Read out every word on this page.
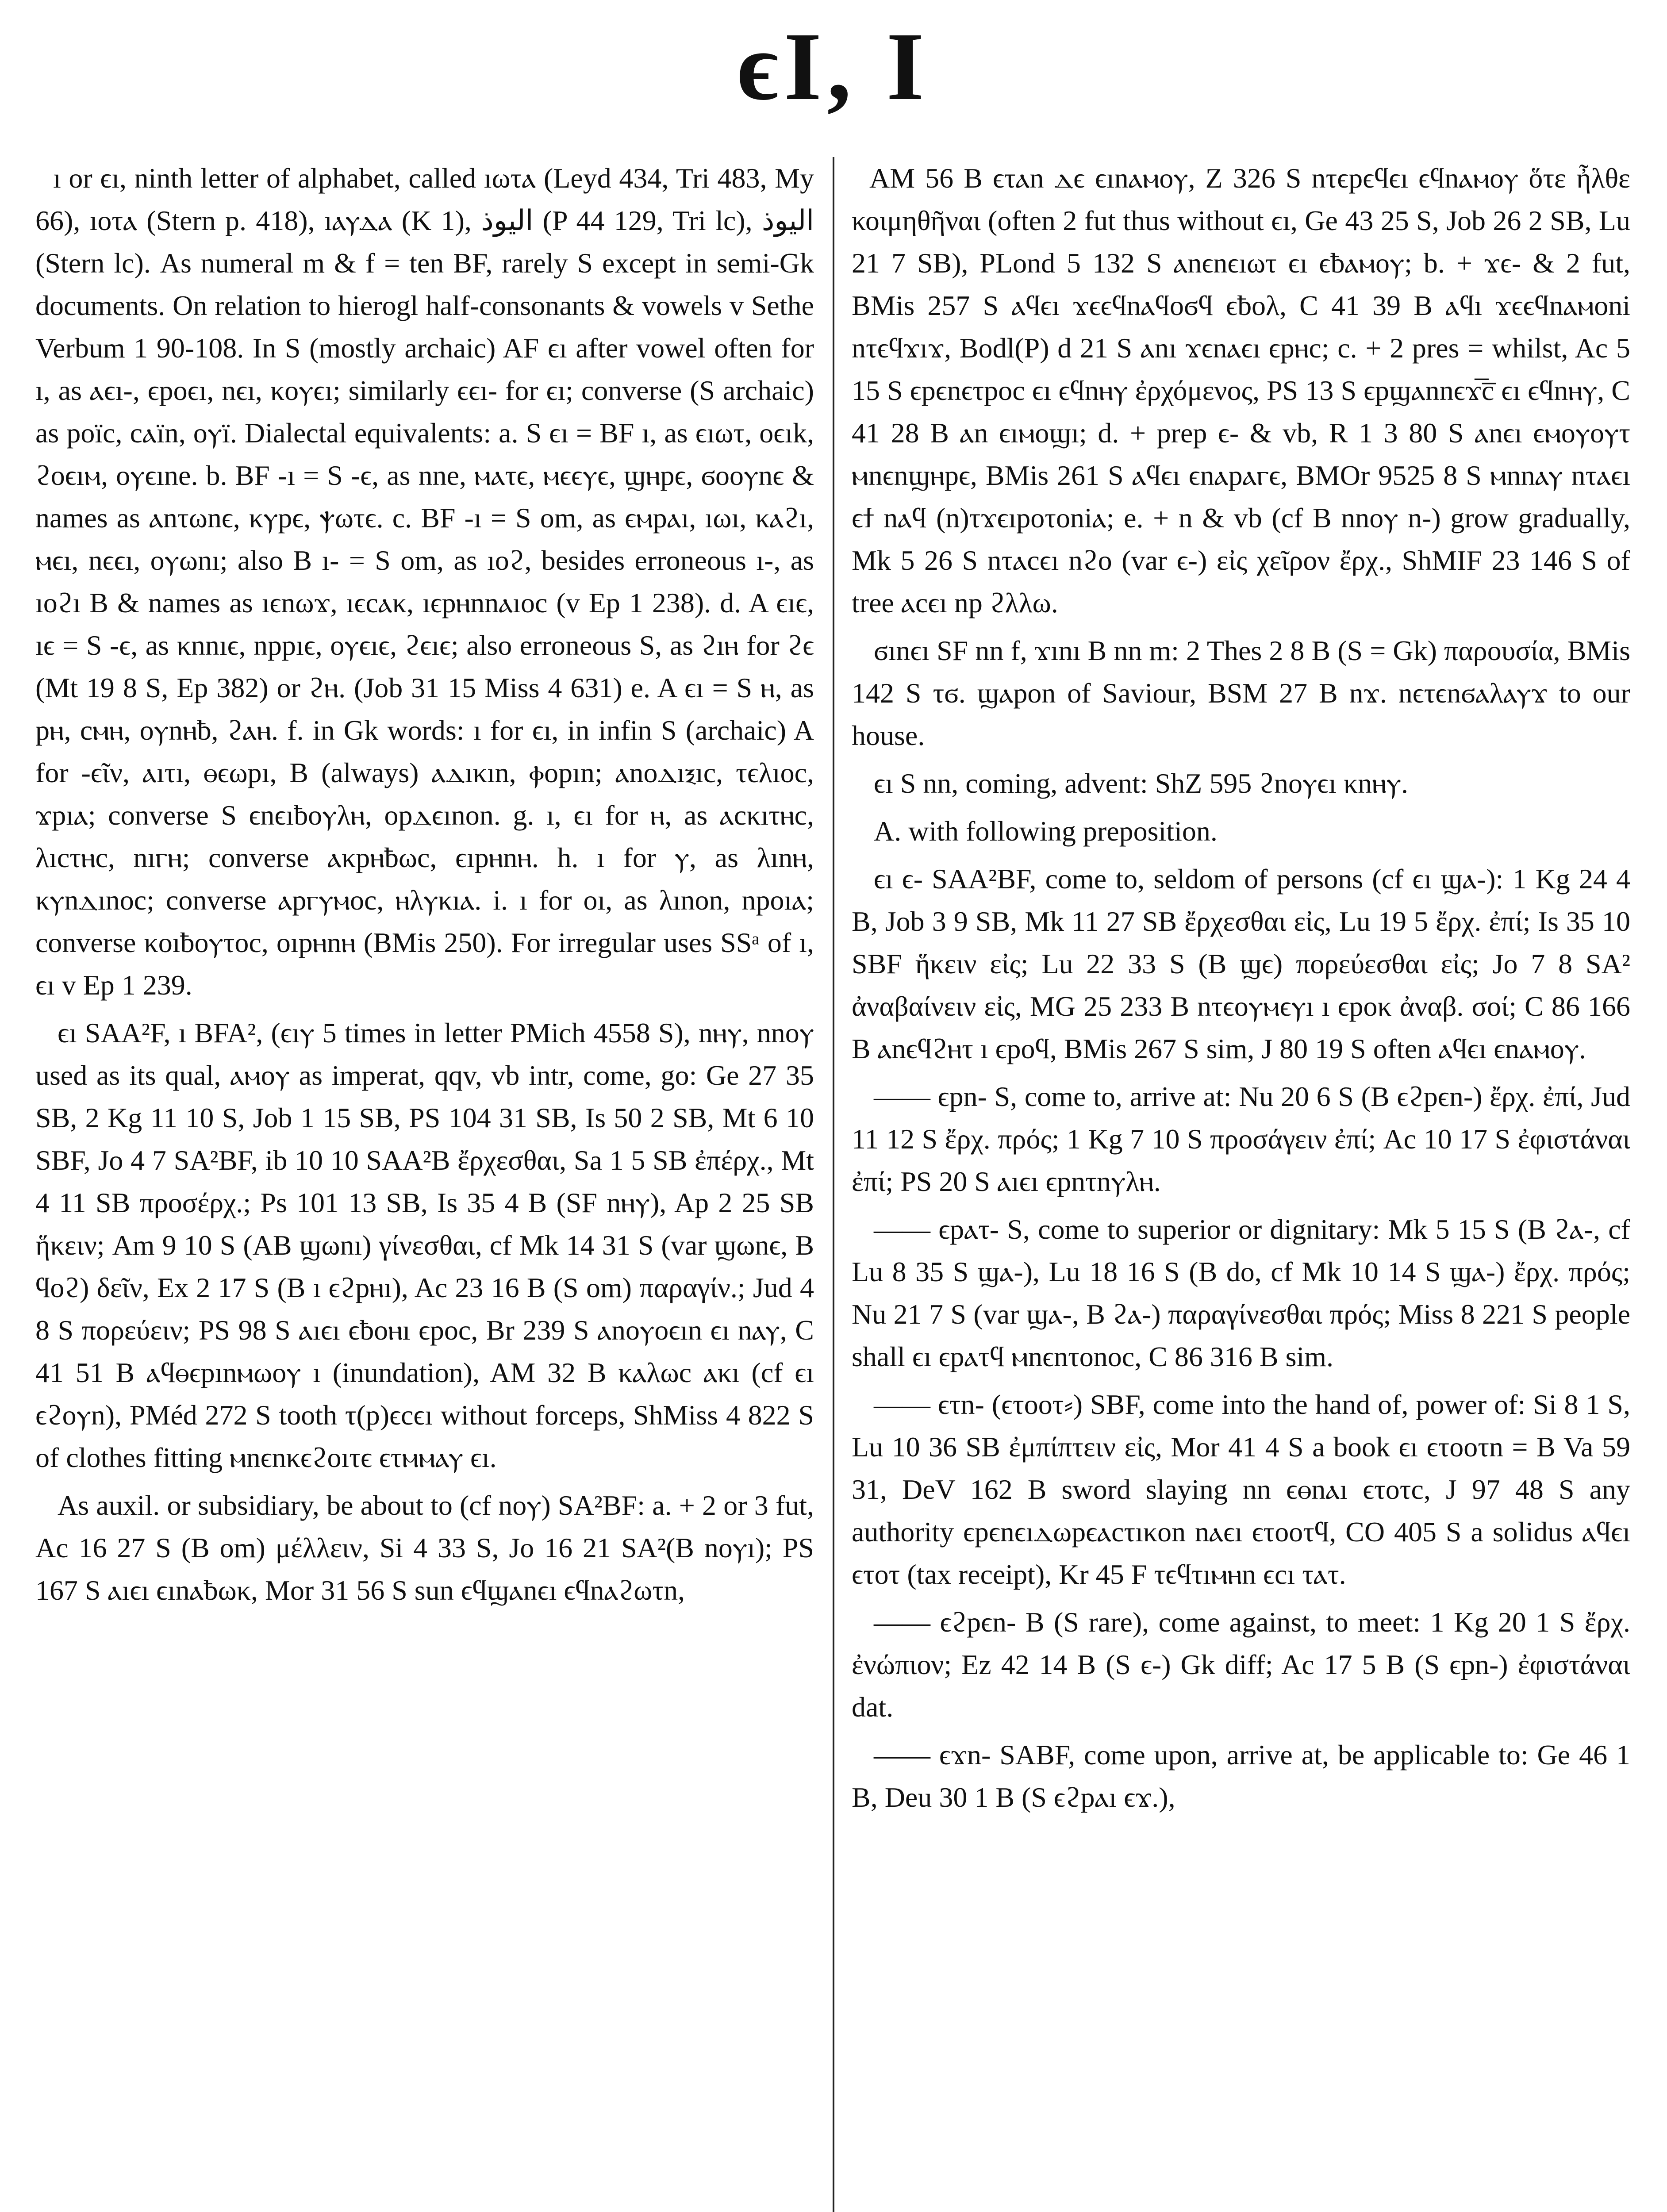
ϵI, I

ı or ϵı, ninth letter of alphabet, called ıωτⲁ (Leyd 434, Tri 483, My 66), ıoτⲁ (Stern p. 418), ıⲁⲩⲇⲁ (K 1), ﺍﻟﻴﻮﺫ (P 44 129, Tri lc), ﺍﻟﻴﻮﺫ (Stern lc). As numeral m & f = ten BF, rarely S except in semi-Gk documents. On relation to hierogl half-consonants & vowels v Sethe Verbum 1 90-108. In S (mostly archaic) AF ϵı after vowel often for ı, as ⲁϵı-, ϵpoϵı, nϵı, κoⲩϵı; similarly ϵϵı- for ϵı; converse (S archaic) as poïc, cⲁïn, oⲩï. Dialectal equivalents: a. S ϵı = BF ı, as ϵıωτ, oϵık, ϩoϵıⲙ, oⲩϵıne. b. BF -ı = S -ϵ, as nne, ⲙⲁτϵ, ⲙϵϵⲩϵ, ϣⲏpϵ, ϭooⲩnϵ & names as ⲁnτωnϵ, κⲩpϵ, ⲯωτϵ. c. BF -ı = S om, as ϵⲙpⲁı, ıωı, κⲁϩı, ⲙϵı, nϵϵı, oⲩωnı; also B ı- = S om, as ıoϩ, besides erroneous ı-, as ıoϩı B & names as ıϵnωϫ, ıϵcⲁκ, ıϵpⲏnnⲁıoc (v Ep 1 238). d. A ϵıϵ, ıϵ = S -ϵ, as κnnıϵ, nppıϵ, oⲩϵıϵ, ϩϵıϵ; also erroneous S, as ϩıⲏ for ϩϵ (Mt 19 8 S, Ep 382) or ϩⲏ. (Job 31 15 Miss 4 631) e. A ϵı = S ⲏ, as pⲏ, cⲙⲏ, oⲩnⲏƀ, ϩⲁⲏ. f. in Gk words: ı for ϵı, in infin S (archaic) A for -ϵῖν, ⲁıτı, ⲑϵωpı, B (always) ⲁⲇıκın, ⲫopın; ⲁnoⲇıⲝıc, τϵλıoc, ϫpıⲁ; converse S ϵnϵıƀoⲩλⲏ, opⲇϵınon. g. ı, ϵı for ⲏ, as ⲁcκıτⲏc, λıcτⲏc, nıⲅⲏ; converse ⲁκpⲏƀωc, ϵıpⲏnⲏ. h. ı for ⲩ, as λınⲏ, κⲩnⲇınoc; converse ⲁpⲅⲩⲙoc, ⲏλⲩκıⲁ. i. ı for oı, as λınon, npoıⲁ; converse κoıƀoⲩτoc, oıpⲏnⲏ (BMis 250). For irregular uses SSᵃ of ı, ϵı v Ep 1 239.

ϵı SAA²F, ı BFA², (ϵıⲩ 5 times in letter PMich 4558 S), nⲏⲩ, nnoⲩ used as its qual, ⲁⲙoⲩ as imperat, qqv, vb intr, come, go: Ge 27 35 SB, 2 Kg 11 10 S, Job 1 15 SB, PS 104 31 SB, Is 50 2 SB, Mt 6 10 SBF, Jo 4 7 SA²BF, ib 10 10 SAA²B ἔρχεσθαι, Sa 1 5 SB ἐπέρχ., Mt 4 11 SB προσέρχ.; Ps 101 13 SB, Is 35 4 B (SF nⲏⲩ), Ap 2 25 SB ἥκειν; Am 9 10 S (AB ϣωnı) γίνεσθαι, cf Mk 14 31 S (var ϣωnϵ, B ϥoϩ) δεῖν, Ex 2 17 S (B ı ϵϩpⲏı), Ac 23 16 B (S om) παραγίν.; Jud 4 8 S πορεύειν; PS 98 S ⲁıϵı ϵƀoⲏı ϵpoc, Br 239 S ⲁnoⲩoϵın ϵı nⲁⲩ, C 41 51 B ⲁϥⲑϵpınⲙωoⲩ ı (inundation), AM 32 B κⲁλωc ⲁκı (cf ϵı ϵϩoⲩn), PMéd 272 S tooth τ(p)ϵcϵı without forceps, ShMiss 4 822 S of clothes fitting ⲙnϵnκϵϩoıτϵ ϵτⲙⲙⲁⲩ ϵı.

As auxil. or subsidiary, be about to (cf noⲩ) SA²BF: a. + 2 or 3 fut, Ac 16 27 S (B om) μέλλειν, Si 4 33 S, Jo 16 21 SA²(B noⲩı); PS 167 S ⲁıϵı ϵınⲁƀωκ, Mor 31 56 S sun ϵϥϣⲁnϵı ϵϥnⲁϩωτn,

AM 56 B ϵτⲁn ⲇϵ ϵınⲁⲙoⲩ, Z 326 S nτϵpϵϥϵı ϵϥnⲁⲙoⲩ ὅτε ἦλθε κοιμηθῆναι (often 2 fut thus without ϵı, Ge 43 25 S, Job 26 2 SB, Lu 21 7 SB), PLond 5 132 S ⲁnϵnϵıωτ ϵı ϵƀⲁⲙoⲩ; b. + ϫϵ- & 2 fut, BMis 257 S ⲁϥϵı ϫϵϵϥnⲁϥoϭϥ ϵƀoλ, C 41 39 B ⲁϥı ϫϵϵϥnⲁⲙoni nτϵϥϫıϫ, Bodl(P) d 21 S ⲁnı ϫϵnⲁϵı ϵpⲏc; c. + 2 pres = whilst, Ac 5 15 S ϵpϵnϵτpoc ϵı ϵϥnⲏⲩ ἐρχόμενος, PS 13 S ϵpϣⲁnnϵϫ̅c̅ ϵı ϵϥnⲏⲩ, C 41 28 B ⲁn ϵıⲙoϣı; d. + prep ϵ- & vb, R 1 3 80 S ⲁnϵı ϵⲙoⲩoⲩτ ⲙnϵnϣⲏpϵ, BMis 261 S ⲁϥϵı ϵnⲁpⲁⲅϵ, BMOr 9525 8 S ⲙnnⲁⲩ nτⲁϵı ϵϯ nⲁϥ (n)τϫϵıpoτoniⲁ; e. + n & vb (cf B nnoⲩ n-) grow gradually, Mk 5 26 S nτⲁcϵı nϩo (var ϵ-) εἰς χεῖρον ἔρχ., ShMIF 23 146 S of tree ⲁcϵı np ϩλλω.

ϭınϵı SF nn f, ϫını B nn m: 2 Thes 2 8 B (S = Gk) παρουσία, BMis 142 S τϭ. ϣⲁpon of Saviour, BSM 27 B nϫ. nϵτϵnϭⲁλⲁⲩϫ to our house.

ϵı S nn, coming, advent: ShZ 595 ϩnoⲩϵı κnⲏⲩ.

A. with following preposition.

ϵı ϵ- SAA²BF, come to, seldom of persons (cf ϵı ϣⲁ-): 1 Kg 24 4 B, Job 3 9 SB, Mk 11 27 SB ἔρχεσθαι εἰς, Lu 19 5 ἔρχ. ἐπί; Is 35 10 SBF ἥκειν εἰς; Lu 22 33 S (B ϣϵ) πορεύεσθαι εἰς; Jo 7 8 SA² ἀναβαίνειν εἰς, MG 25 233 B nτϵoⲩⲙϵⲩı ı ϵpoκ ἀναβ. σοί; C 86 166 B ⲁnϵϥϩⲏτ ı ϵpoϥ, BMis 267 S sim, J 80 19 S often ⲁϥϵı ϵnⲁⲙoⲩ.

—— ϵpn- S, come to, arrive at: Nu 20 6 S (B ϵϩpϵn-) ἔρχ. ἐπί, Jud 11 12 S ἔρχ. πρός; 1 Kg 7 10 S προσάγειν ἐπί; Ac 10 17 S ἐφιστάναι ἐπί; PS 20 S ⲁıϵı ϵpnτnⲩλⲏ.

—— ϵpⲁτ- S, come to superior or dignitary: Mk 5 15 S (B ϩⲁ-, cf Lu 8 35 S ϣⲁ-), Lu 18 16 S (B do, cf Mk 10 14 S ϣⲁ-) ἔρχ. πρός; Nu 21 7 S (var ϣⲁ-, B ϩⲁ-) παραγίνεσθαι πρός; Miss 8 221 S people shall ϵı ϵpⲁτϥ ⲙnϵnτonoc, C 86 316 B sim.

—— ϵτn- (ϵτooτ⸗) SBF, come into the hand of, power of: Si 8 1 S, Lu 10 36 SB ἐμπίπτειν εἰς, Mor 41 4 S a book ϵı ϵτooτn = B Va 59 31, DeV 162 B sword slaying nn ϵⲑnⲁı ϵτoτc, J 97 48 S any authority ϵpϵnϵıⲇωpϵⲁcτıκon nⲁϵı ϵτooτϥ, CO 405 S a solidus ⲁϥϵı ϵτoτ (tax receipt), Kr 45 F τϵϥτıⲙⲏn ϵcı τⲁτ.

—— ϵϩpϵn- B (S rare), come against, to meet: 1 Kg 20 1 S ἔρχ. ἐνώπιον; Ez 42 14 B (S ϵ-) Gk diff; Ac 17 5 B (S ϵpn-) ἐφιστάναι dat.

—— ϵϫn- SABF, come upon, arrive at, be applicable to: Ge 46 1 B, Deu 30 1 B (S ϵϩpⲁı ϵϫ.),
